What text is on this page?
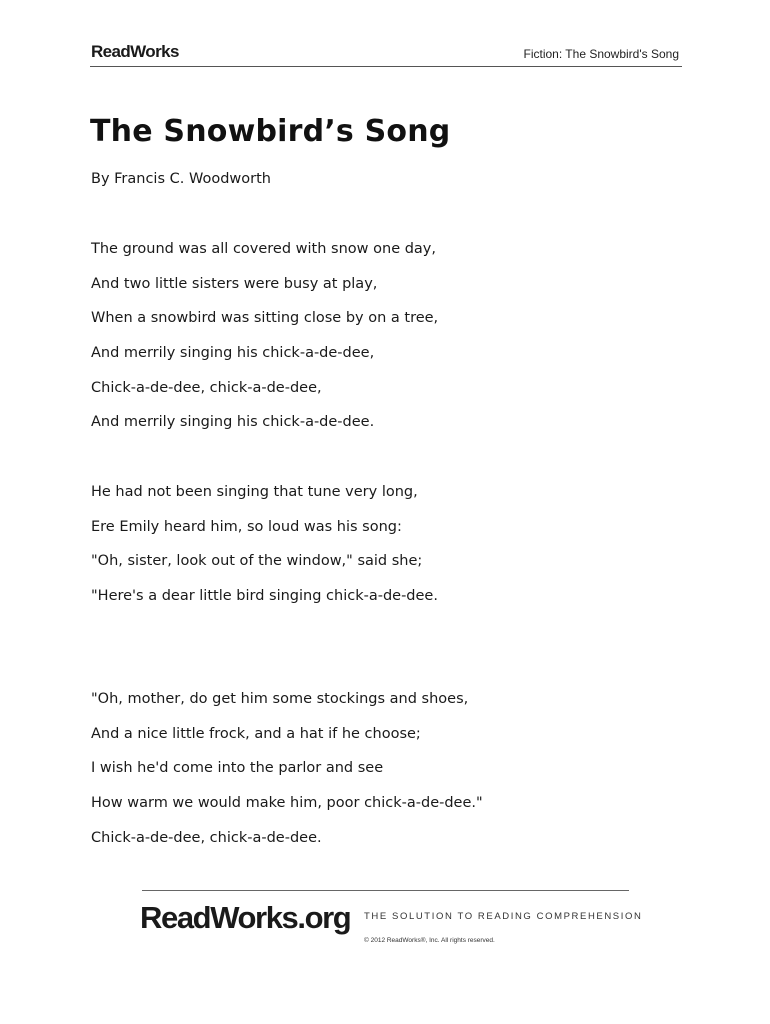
ReadWorks	Fiction: The Snowbird's Song
The Snowbird’s Song
By Francis C. Woodworth
The ground was all covered with snow one day,
And two little sisters were busy at play,
When a snowbird was sitting close by on a tree,
And merrily singing his chick-a-de-dee,
Chick-a-de-dee, chick-a-de-dee,
And merrily singing his chick-a-de-dee.
He had not been singing that tune very long,
Ere Emily heard him, so loud was his song:
"Oh, sister, look out of the window," said she;
"Here's a dear little bird singing chick-a-de-dee.
"Oh, mother, do get him some stockings and shoes,
And a nice little frock, and a hat if he choose;
I wish he'd come into the parlor and see
How warm we would make him, poor chick-a-de-dee."
Chick-a-de-dee, chick-a-de-dee.
ReadWorks.org THE SOLUTION TO READING COMPREHENSION
© 2012 ReadWorks®, Inc. All rights reserved.
